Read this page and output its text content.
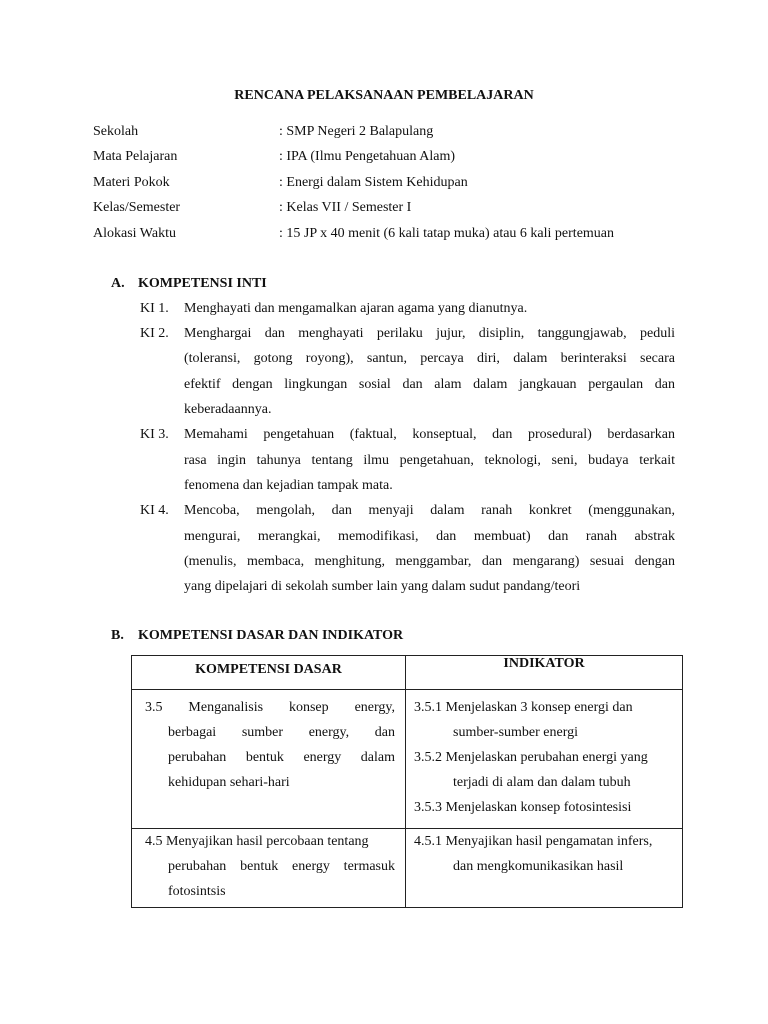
RENCANA PELAKSANAAN PEMBELAJARAN
Sekolah	: SMP Negeri 2 Balapulang
Mata Pelajaran	: IPA (Ilmu Pengetahuan Alam)
Materi Pokok	: Energi dalam Sistem Kehidupan
Kelas/Semester	: Kelas VII / Semester I
Alokasi Waktu	: 15 JP x 40 menit (6 kali tatap muka) atau 6 kali pertemuan
A. KOMPETENSI INTI
KI 1. Menghayati dan mengamalkan ajaran agama yang dianutnya.
KI 2. Menghargai dan menghayati perilaku jujur, disiplin, tanggungjawab, peduli
(toleransi, gotong royong), santun, percaya diri, dalam berinteraksi secara
efektif dengan lingkungan sosial dan alam dalam jangkauan pergaulan dan
keberadaannya.
KI 3. Memahami pengetahuan (faktual, konseptual, dan prosedural) berdasarkan
rasa ingin tahunya tentang ilmu pengetahuan, teknologi, seni, budaya terkait
fenomena dan kejadian tampak mata.
KI 4. Mencoba, mengolah, dan menyaji dalam ranah konkret (menggunakan,
mengurai, merangkai, memodifikasi, dan membuat) dan ranah abstrak
(menulis, membaca, menghitung, menggambar, dan mengarang) sesuai dengan
yang dipelajari di sekolah sumber lain yang dalam sudut pandang/teori
B. KOMPETENSI DASAR DAN INDIKATOR
KOMPETENSI DASAR	INDIKATOR

3.5 Menganalisis konsep energy,
berbagai sumber energy, dan
perubahan bentuk energy dalam
kehidupan sehari-hari	3.5.1 Menjelaskan 3 konsep energi dan
sumber-sumber energi
3.5.2 Menjelaskan perubahan energi yang
terjadi di alam dan dalam tubuh
3.5.3 Menjelaskan konsep fotosintesisi

4.5 Menyajikan hasil percobaan tentang
perubahan bentuk energy termasuk
fotosintsis	4.5.1 Menyajikan hasil pengamatan infers,
dan mengkomunikasikan hasil
